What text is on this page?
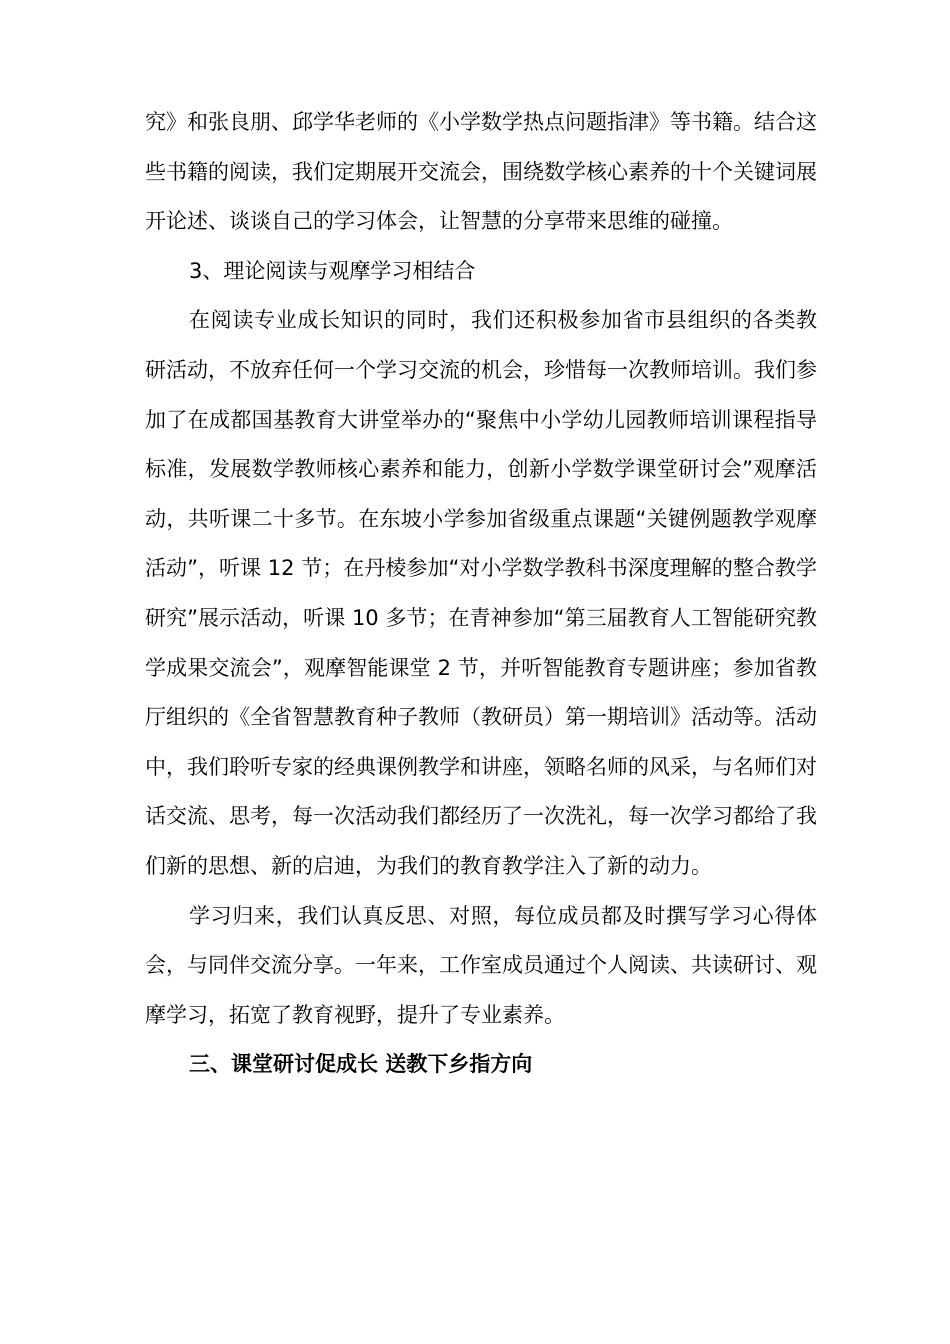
究》和张良朋、邱学华老师的《小学数学热点问题指津》等书籍。结合这些书籍的阅读，我们定期展开交流会，围绕数学核心素养的十个关键词展开论述、谈谈自己的学习体会，让智慧的分享带来思维的碰撞。

3、理论阅读与观摩学习相结合

在阅读专业成长知识的同时，我们还积极参加省市县组织的各类教研活动，不放弃任何一个学习交流的机会，珍惜每一次教师培训。我们参加了在成都国基教育大讲堂举办的“聚焦中小学幼儿园教师培训课程指导标准，发展数学教师核心素养和能力，创新小学数学课堂研讨会”观摩活动，共听课二十多节。在东坡小学参加省级重点课题“关键例题教学观摩活动”，听课 12 节；在丹棱参加“对小学数学教科书深度理解的整合教学研究”展示活动，听课 10 多节；在青神参加“第三届教育人工智能研究教学成果交流会”，观摩智能课堂 2 节，并听智能教育专题讲座；参加省教厅组织的《全省智慧教育种子教师（教研员）第一期培训》活动等。活动中，我们聆听专家的经典课例教学和讲座，领略名师的风采，与名师们对话交流、思考，每一次活动我们都经历了一次洗礼，每一次学习都给了我们新的思想、新的启迪，为我们的教育教学注入了新的动力。

学习归来，我们认真反思、对照，每位成员都及时撰写学习心得体会，与同伴交流分享。一年来，工作室成员通过个人阅读、共读研讨、观摩学习，拓宽了教育视野，提升了专业素养。

三、课堂研讨促成长 送教下乡指方向
